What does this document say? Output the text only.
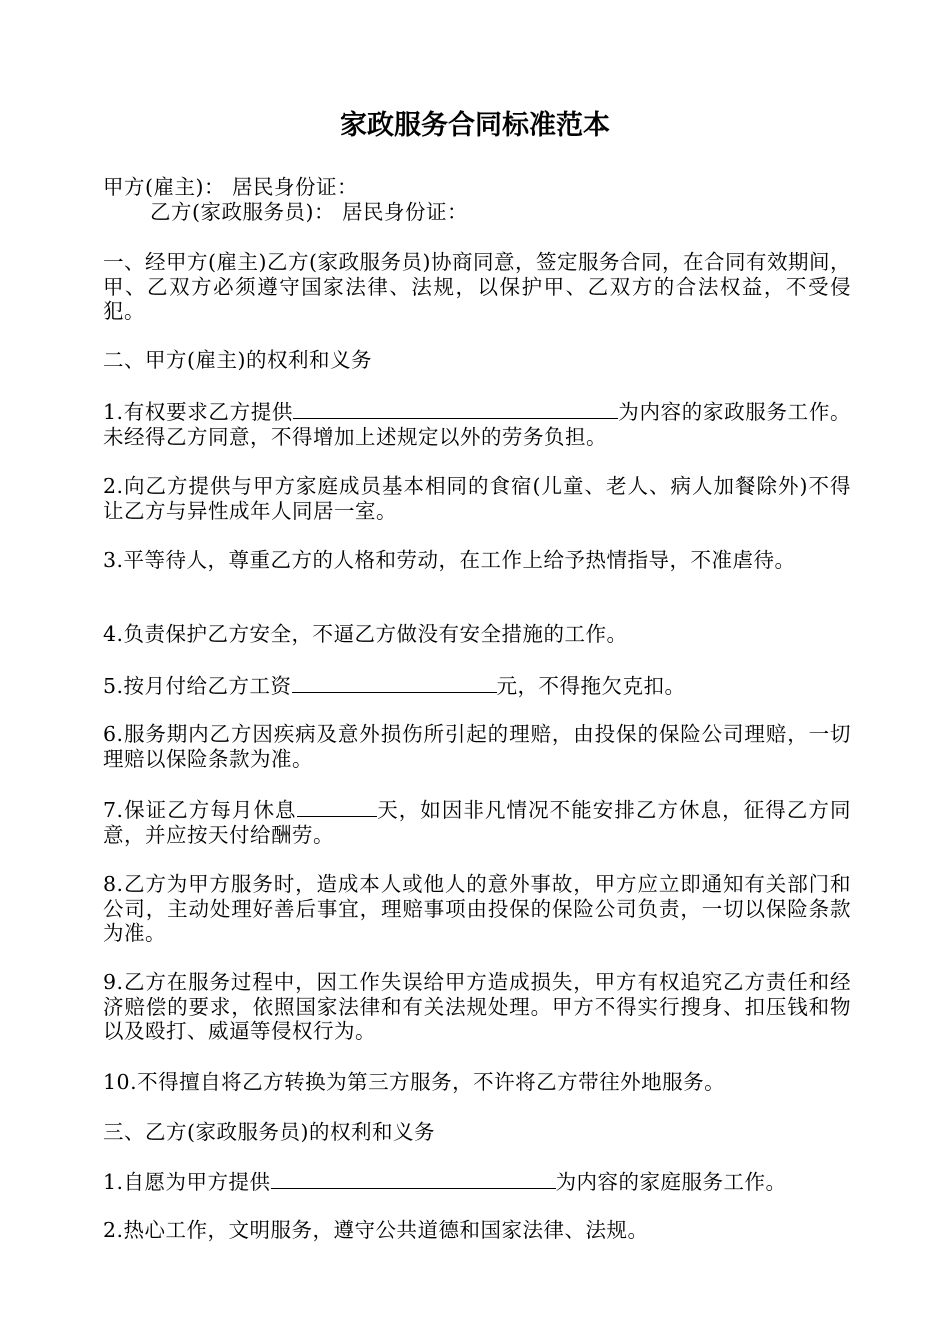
家政服务合同标准范本

甲方(雇主)： 居民身份证：

乙方(家政服务员)： 居民身份证：

一、经甲方(雇主)乙方(家政服务员)协商同意，签定服务合同，在合同有效期间，甲、乙双方必须遵守国家法律、法规，以保护甲、乙双方的合法权益，不受侵犯。

二、甲方(雇主)的权利和义务

1.有权要求乙方提供	为内容的家政服务工作。未经得乙方同意，不得增加上述规定以外的劳务负担。

2.向乙方提供与甲方家庭成员基本相同的食宿(儿童、老人、病人加餐除外)不得让乙方与异性成年人同居一室。

3.平等待人，尊重乙方的人格和劳动，在工作上给予热情指导，不准虐待。

4.负责保护乙方安全，不逼乙方做没有安全措施的工作。

5.按月付给乙方工资	元，不得拖欠克扣。

6.服务期内乙方因疾病及意外损伤所引起的理赔，由投保的保险公司理赔，一切理赔以保险条款为准。

7.保证乙方每月休息	天，如因非凡情况不能安排乙方休息，征得乙方同意，并应按天付给酬劳。

8.乙方为甲方服务时，造成本人或他人的意外事故，甲方应立即通知有关部门和公司，主动处理好善后事宜，理赔事项由投保的保险公司负责，一切以保险条款为准。

9.乙方在服务过程中，因工作失误给甲方造成损失，甲方有权追究乙方责任和经济赔偿的要求，依照国家法律和有关法规处理。甲方不得实行搜身、扣压钱和物以及殴打、威逼等侵权行为。

10.不得擅自将乙方转换为第三方服务，不许将乙方带往外地服务。

三、乙方(家政服务员)的权利和义务

1.自愿为甲方提供	为内容的家庭服务工作。

2.热心工作，文明服务，遵守公共道德和国家法律、法规。
